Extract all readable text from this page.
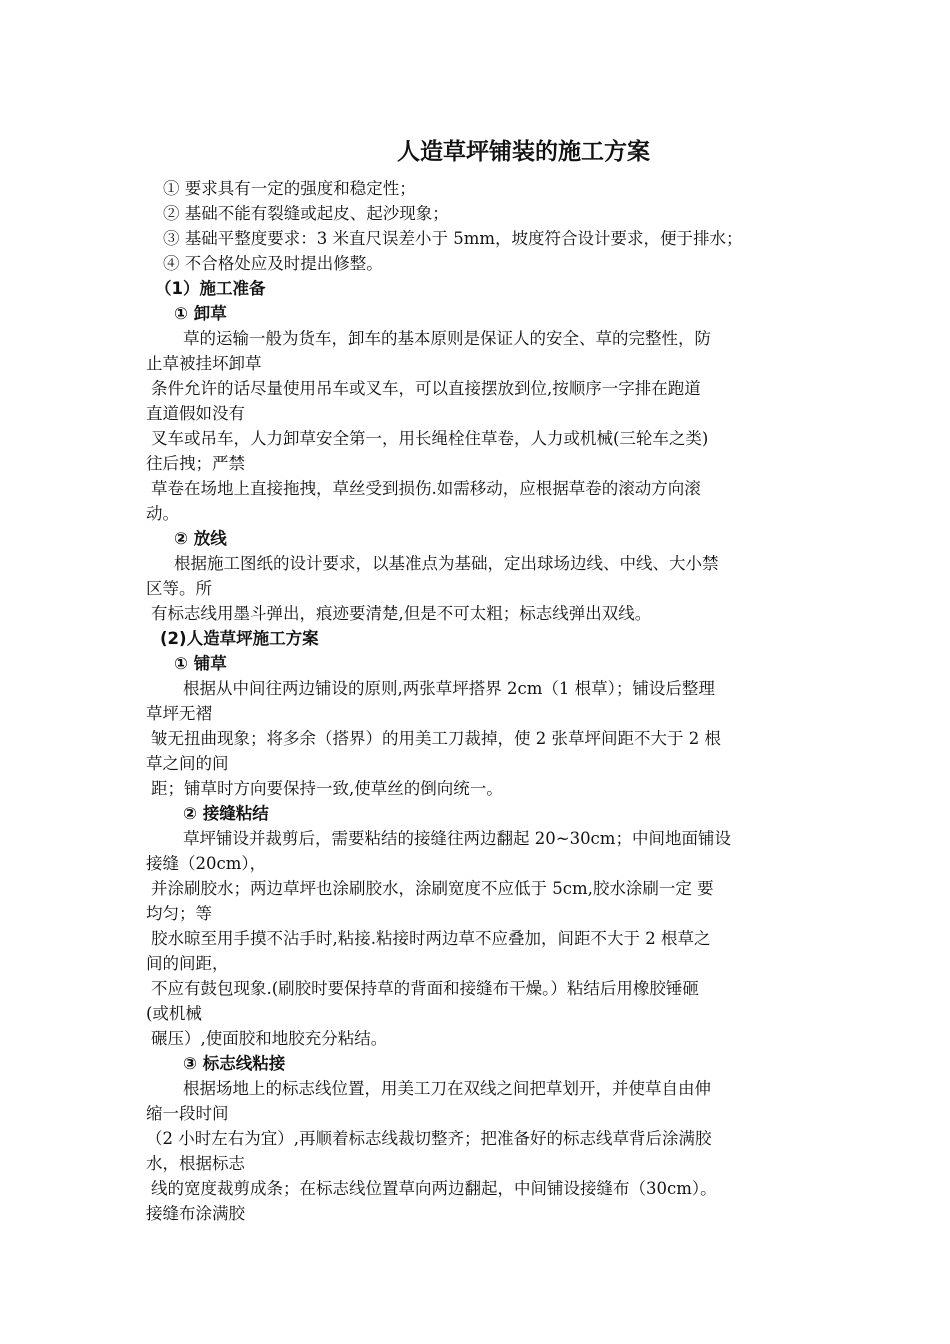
人造草坪铺装的施工方案
① 要求具有一定的强度和稳定性；
② 基础不能有裂缝或起皮、起沙现象；
③ 基础平整度要求：3 米直尺误差小于 5mm，坡度符合设计要求，便于排水；
④ 不合格处应及时提出修整。
（1）施工准备
① 卸草
草的运输一般为货车，卸车的基本原则是保证人的安全、草的完整性，防
止草被挂坏卸草
条件允许的话尽量使用吊车或叉车，可以直接摆放到位,按顺序一字排在跑道
直道假如没有
叉车或吊车，人力卸草安全第一，用长绳栓住草卷，人力或机械(三轮车之类)
往后拽；严禁
草卷在场地上直接拖拽，草丝受到损伤.如需移动，应根据草卷的滚动方向滚
动。
② 放线
根据施工图纸的设计要求，以基准点为基础，定出球场边线、中线、大小禁
区等。所
有标志线用墨斗弹出，痕迹要清楚,但是不可太粗；标志线弹出双线。
(2)人造草坪施工方案
① 铺草
根据从中间往两边铺设的原则,两张草坪搭界 2cm（1 根草）；铺设后整理
草坪无褶
皱无扭曲现象；将多余（搭界）的用美工刀裁掉，使 2 张草坪间距不大于 2 根
草之间的间
距；铺草时方向要保持一致,使草丝的倒向统一。
② 接缝粘结
草坪铺设并裁剪后，需要粘结的接缝往两边翻起 20~30cm；中间地面铺设
接缝（20cm），
并涂刷胶水；两边草坪也涂刷胶水，涂刷宽度不应低于 5cm,胶水涂刷一定 要
均匀；等
胶水晾至用手摸不沾手时,粘接.粘接时两边草不应叠加，间距不大于 2 根草之
间的间距，
不应有鼓包现象.(刷胶时要保持草的背面和接缝布干燥。）粘结后用橡胶锤砸
(或机械
碾压）,使面胶和地胶充分粘结。
③ 标志线粘接
根据场地上的标志线位置，用美工刀在双线之间把草划开，并使草自由伸
缩一段时间
（2 小时左右为宜）,再顺着标志线裁切整齐；把准备好的标志线草背后涂满胶
水，根据标志
线的宽度裁剪成条；在标志线位置草向两边翻起，中间铺设接缝布（30cm）。
接缝布涂满胶
